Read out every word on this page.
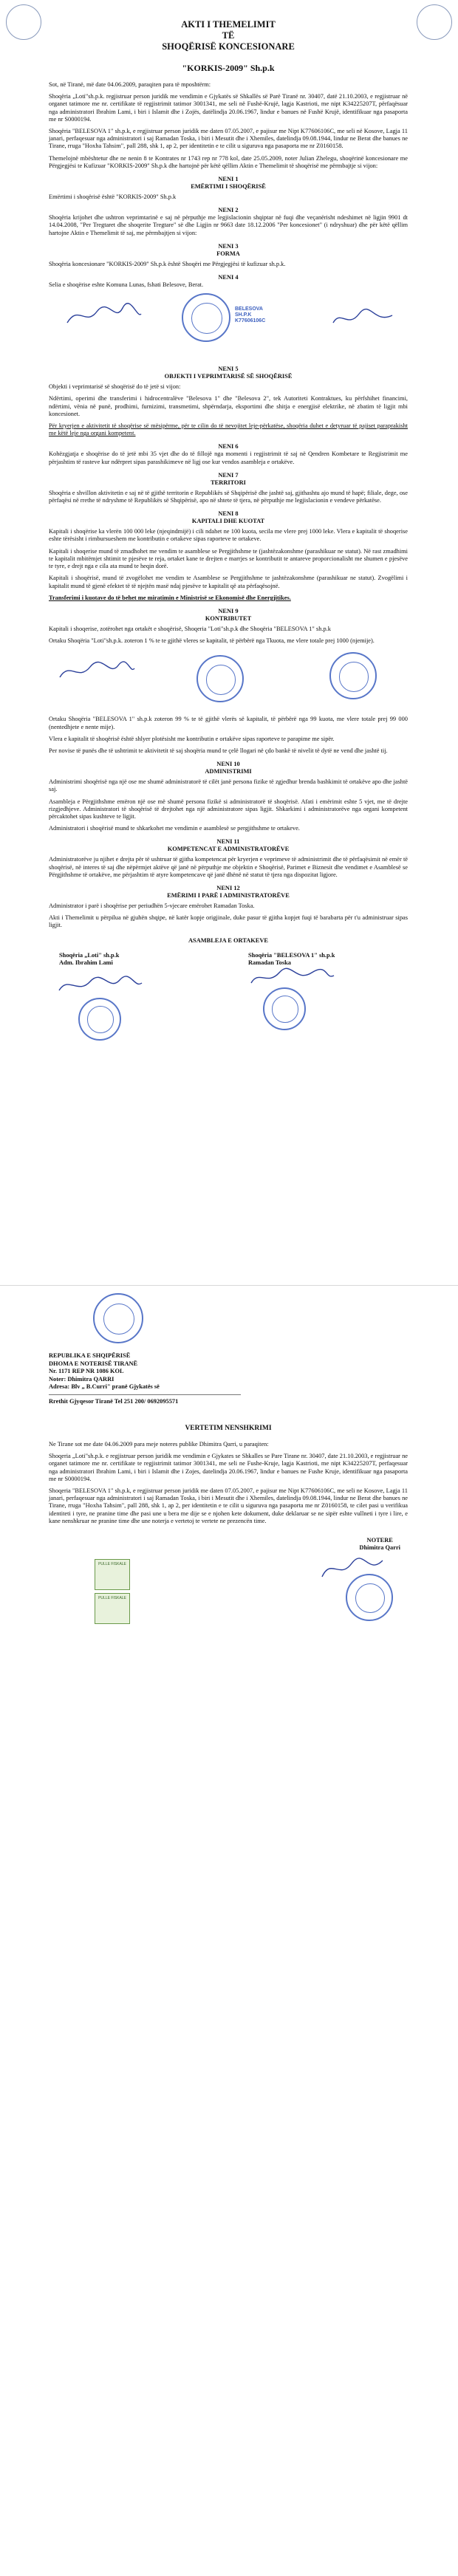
AKTI I THEMELIMIT
TË
SHOQËRISË KONCESIONARE
"KORKIS-2009" Sh.p.k

Sot, në Tiranë, më date 04.06.2009, paraqiten para të mposhtërm:

Shoqëria „Loti"sh.p.k. regjistruar person juridik me vendimin e Gjykatës së Shkallës së Parë Tiranë nr. 30407, datë 21.10.2003, e regjistruar në organet tatimore me nr. certifikate të regjistrimit tatimor 3001341, me seli në Fushë-Krujë, lagja Kastrioti, me nipt K34225207T, përfaqësuar nga administratori Ibrahim Lami, i biri i Islamit dhe i Zojës, datëlindja 20.06.1967, lindur e banues në Fushë Krujë, identifikuar nga pasaporta me nr S0000194.

Shoqëria "BELESOVA 1" sh.p.k, e regjistruar person juridik me daten 07.05.2007, e pajisur me Nipt K77606106C, me seli në Kosove, Lagja 11 janari, perfaqesuar nga administratori i saj Ramadan Toska, i biri i Mesutit dhe i Xhemiles, datelindja 09.08.1944, lindur ne Berat dhe banues ne Tirane, rruga "Hoxha Tahsim", pall 288, shk 1, ap 2, per identitetin e te cilit u siguruva nga pasaporta me nr Z0160158.

Themelojnë mbështetur dhe ne nenin 8 te Kontrates nr 1743 rep nr 778 kol, date 25.05.2009, noter Julian Zhelegu, shoqërinë koncesionare me Përgjegjësi te Kufizuar "KORKIS-2009" Sh.p.k dhe hartojnë për këtë qëllim Aktin e Themelimit të shoqërisë me përmbajtje si vijon:

NENI 1
EMËRTIMI I SHOQËRISË

Emërtimi i shoqërisë është "KORKIS-2009" Sh.p.k

NENI 2

Shoqëria krijohet dhe ushtron veprimtarinë e saj në përputhje me legjislacionin shqiptar në fuqi dhe veçanërisht ndeshimet në ligjin 9901 dt 14.04.2008, "Per Tregtaret dhe shoqerite Tregtare" së dhe Ligjin nr 9663 date 18.12.2006 "Per koncesionet" (i ndryshuar) dhe për këtë qëllim hartojne Aktin e Themelimit të saj, me përmbajtjen si vijon:

NENI 3
FORMA

Shoqëria koncesionare "KORKIS-2009" Sh.p.k është Shoqëri me Përgjegjësi të kufizuar sh.p.k.

NENI 4

Selia e shoqërise eshte Komuna Lunas, fshati Belesove, Berat.

BELESOVA
SH.P.K
K77606106C
NENI 5
OBJEKTI I VEPRIMTARISË SË SHOQËRISË

Objekti i veprimtarisë së shoqërisë do të jetë si vijon:

Ndërtimi, operimi dhe transferimi i hidrocentralëve "Belesova 1" dhe "Belesova 2", tek Autoriteti Kontraktues, ku përfshihet financimi, ndërtimi, vënia në punë, prodhimi, furnizimi, transmetimi, shpërndarja, eksportimi dhe shitja e energjisë elektrike, në zbatim të ligjit mbi koncesionet.

Për kryerjen e aktivitetit të shoqërise së mësipërme, për te cilin do të nevojitet leje-përkatëse, shoqëria duhet e detyruar të pajiset paraprakisht me këtë leje nga organi kompetent.

NENI 6

Kohëzgjatja e shoqërise do të jetë mbi 35 vjet dhe do të fillojë nga momenti i regjistrimit të saj në Qendren Kombetare te Regjistrimit me përjashtim të rasteve kur ndërpret sipas parashikimeve në ligj ose kur vendos asambleja e ortakëve.

NENI 7
TERRITORI

Shoqëria e shvillon aktivitetin e saj në të gjithë territorin e Republikës së Shqipërisë dhe jashtë saj, gjithashtu ajo mund të hapë; filiale, dege, ose përfaqësi në rrethe të ndryshme të Republikës së Shqipërisë, apo në shtete të tjera, në përputhje me legjislacionin e vendeve përkatëse.

NENI 8
KAPITALI DHE KUOTAT

Kapitali i shoqërise ka vlerën 100 000 leke (njeqindmijë) i cili ndahet ne 100 kuota, secila me vlere prej 1000 leke. Vlera e kapitalit të shoqerise eshte tërësisht i rimbursueshem me kontributin e ortakeve sipas raporteve te ortakeve.

Kapitali i shoqerise mund të zmadhohet me vendim te asamblese se Pergjithshme te (jashtëzakonshme (parashikuar ne statut). Në rast zmadhimi te kapitalit mbitëmjet shtimit te pjesëve te reja, ortaket kane te drejten e marrjes se kontributit te antareve proporcionalisht me shumen e pjesëve te tyre, e drejt nga e cila ata mund te heqin dorë.

Kapitali i shoqërisë, mund të zvogëlohet me vendim te Asamblese se Pergjithshme te jashtëzakonshme (parashikuar ne statut). Zvogëlimi i kapitalit mund të gjenë efektet të të njejtën masë ndaj pjesëve te kapitalit që ata përfaqësojnë.

Transferimi i kuotave do të behet me miratimin e Ministrisë se Ekonomisë dhe Energjitikes.

NENI 9
KONTRIBUTET

Kapitali i shoqerise, zotërohet nga ortakët e shoqërisë, Shoqeria "Loti"sh.p.k dhe Shoqëria "BELESOVA 1" sh.p.k

Ortaku Shoqëria "Loti"sh.p.k. zoteron 1 % te te gjithë vleres se kapitalit, të përbërë nga Tkuota, me vlere totale prej 1000 (njemije).

Ortaku Shoqëria "BELESOVA 1" sh.p.k zoteron 99 % te të gjithë vlerës së kapitalit, të përbërë nga 99 kuota, me vlere totale prej 99 000 (nentedhjete e nente mije).

Vlera e kapitalit të shoqërisë është shlyer plotësisht me kontributin e ortakëve sipas raporteve te parapime me sipër.

Per novise të punës dhe të ushtrimit te aktivitetit të saj shoqëria mund te çelë llogari në çdo bankë të nivelit të dytë ne vend dhe jashtë tij.

NENI 10
ADMINISTRIMI

Administrimi shoqërisë nga një ose me shumë administratorë të cilët janë persona fizike të zgjedhur brenda bashkimit të ortakëve apo dhe jashtë saj.

Asambleja e Përgjithshme emëron një ose më shumë persona fizikë si administratorë të shoqërisë. Afati i emërimit eshte 5 vjet, me të drejte rizgjedhjeve. Administratori të shoqërisë të drejtohet nga një administratore sipas ligjit. Shkarkimi i administratorëve nga organi kompetent përcaktohet sipas kushteve te ligjit.

Administratori i shoqërisë mund te shkarkohet me vendimin e asamblesë se pergjithshme te ortakeve.

NENI 11
KOMPETENCAT E ADMINISTRATORËVE

Administratorëve ju njihet e drejta për të ushtruar të gjitha kompetencat për kryerjen e veprimeve të administrimit dhe të përfaqësimit në emër të shoqërisë, në interes të saj dhe nëpërmjet aktëve që janë në përputhje me objektin e Shoqërisë, Parimet e Biznesit dhe vendimet e Asamblesë se Përgjithshme të ortakëve, me përjashtim të atyre kompetencave që janë dhënë në statut të tjera nga dispozitat ligjore.

NENI 12
EMËRIMI I PARË I ADMINISTRATORËVE

Administrator i parë i shoqërise per periudhën 5-vjecare emërohet Ramadan Toska.

Akti i Themelimit u përpilua në gjuhën shqipe, në katër kopje origjinale, duke pasur të gjitha kopjet fuqi të barabarta për t'u administruar sipas ligjit.

ASAMBLEJA E ORTAKEVE
Shoqëria „Loti" sh.p.k
Adm. Ibrahim Lami
Shoqëria "BELESOVA 1" sh.p.k
Ramadan Toska
REPUBLIKA E SHQIPËRISË
DHOMA E NOTERISË TIRANË
Nr. 1171 REP NR 1086 KOL
Noter: Dhimitra QARRI
Adresa: Blv „ B.Curri" pranë Gjykatës së
Rrethit Gjyqesor Tiranë Tel 251 200/ 0692095571
VERTETIM NENSHKRIMI

Ne Tirane sot me date 04.06.2009 para meje noteres publike Dhimitra Qarri, u paraqiten:

Shoqeria „Loti"sh.p.k. e regjistruar person juridik me vendimin e Gjykates se Shkalles se Pare Tirane nr. 30407, date 21.10.2003, e regjistruar ne organet tatimore me nr. certifikate te regjistrimit tatimor 3001341, me seli ne Fushe-Kruje, lagja Kastrioti, me nipt K34225207T, perfaqesuar nga administratori Ibrahim Lami, i biri i Islamit dhe i Zojes, datelindja 20.06.1967, lindur e banues ne Fushe Kruje, identifikuar nga pasaporta me nr S0000194.

Shoqeria "BELESOVA 1" sh.p.k, e regjistruar person juridik me daten 07.05.2007, e pajisur me Nipt K77606106C, me seli ne Kosove, Lagja 11 janari, perfaqesuar nga administratori i saj Ramadan Toska, i biri i Mesutit dhe i Xhemiles, datelindja 09.08.1944, lindur ne Berat dhe banues ne Tirane, rruga "Hoxha Tahsim", pall 288, shk 1, ap 2, per identitetin e te cilit u siguruva nga pasaporta me nr Z0160158, te cilet pasi u verifikua identiteti i tyre, ne pranine time dhe pasi une u bera me dije se e njohen kete dokument, duke deklaruar se ne sipër eshte vullneti i tyre i lire, e kane nenshkruar ne pranine time dhe une noterja e vertetoj te vertete ne prezencën time.

NOTERE
Dhimitra Qarri
PULLE FISKALE
PULLE FISKALE
